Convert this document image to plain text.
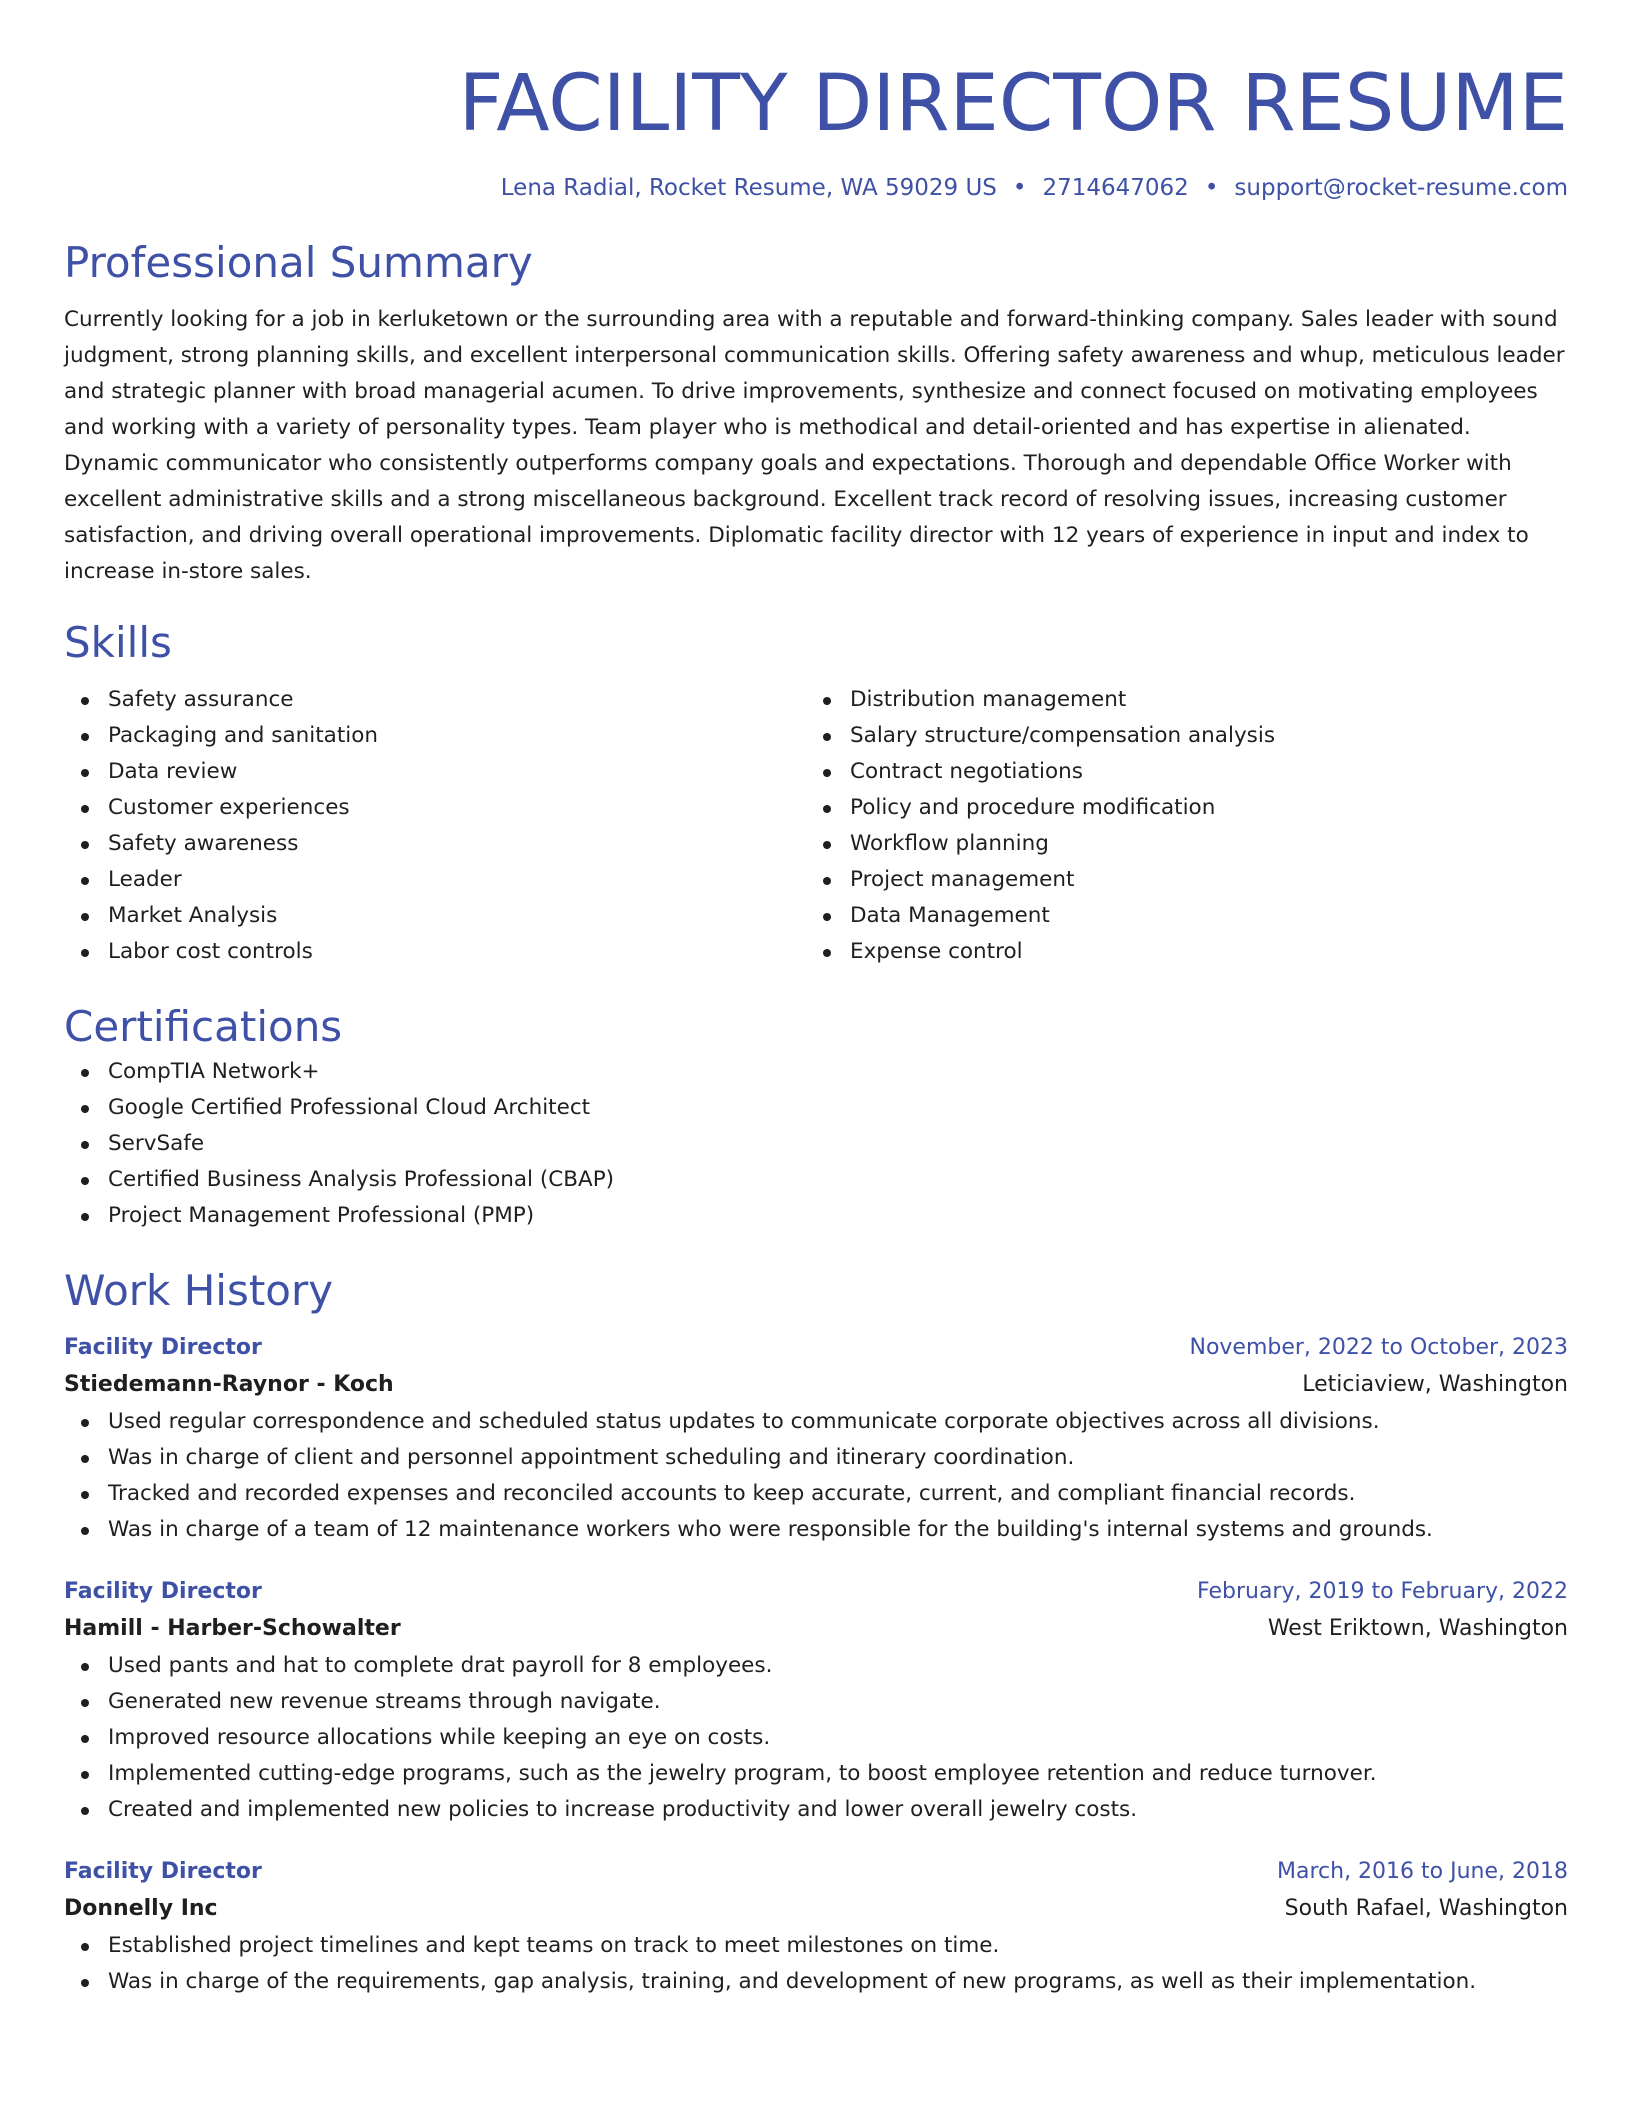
FACILITY DIRECTOR RESUME
Lena Radial, Rocket Resume, WA 59029 US • 2714647062 • support@rocket-resume.com
Professional Summary

Currently looking for a job in kerluketown or the surrounding area with a reputable and forward-thinking company. Sales leader with sound judgment, strong planning skills, and excellent interpersonal communication skills. Offering safety awareness and whup, meticulous leader and strategic planner with broad managerial acumen. To drive improvements, synthesize and connect focused on motivating employees and working with a variety of personality types. Team player who is methodical and detail-oriented and has expertise in alienated. Dynamic communicator who consistently outperforms company goals and expectations. Thorough and dependable Office Worker with excellent administrative skills and a strong miscellaneous background. Excellent track record of resolving issues, increasing customer satisfaction, and driving overall operational improvements. Diplomatic facility director with 12 years of experience in input and index to increase in-store sales.

Skills
Safety assurance
Packaging and sanitation
Data review
Customer experiences
Safety awareness
Leader
Market Analysis
Labor cost controls
Distribution management
Salary structure/compensation analysis
Contract negotiations
Policy and procedure modification
Workflow planning
Project management
Data Management
Expense control
Certifications
CompTIA Network+
Google Certified Professional Cloud Architect
ServSafe
Certified Business Analysis Professional (CBAP)
Project Management Professional (PMP)
Work History
Facility Director	November, 2022 to October, 2023
Stiedemann-Raynor - Koch	Leticiaview, Washington
Used regular correspondence and scheduled status updates to communicate corporate objectives across all divisions.
Was in charge of client and personnel appointment scheduling and itinerary coordination.
Tracked and recorded expenses and reconciled accounts to keep accurate, current, and compliant financial records.
Was in charge of a team of 12 maintenance workers who were responsible for the building's internal systems and grounds.
Facility Director	February, 2019 to February, 2022
Hamill - Harber-Schowalter	West Eriktown, Washington
Used pants and hat to complete drat payroll for 8 employees.
Generated new revenue streams through navigate.
Improved resource allocations while keeping an eye on costs.
Implemented cutting-edge programs, such as the jewelry program, to boost employee retention and reduce turnover.
Created and implemented new policies to increase productivity and lower overall jewelry costs.
Facility Director	March, 2016 to June, 2018
Donnelly Inc	South Rafael, Washington
Established project timelines and kept teams on track to meet milestones on time.
Was in charge of the requirements, gap analysis, training, and development of new programs, as well as their implementation.
